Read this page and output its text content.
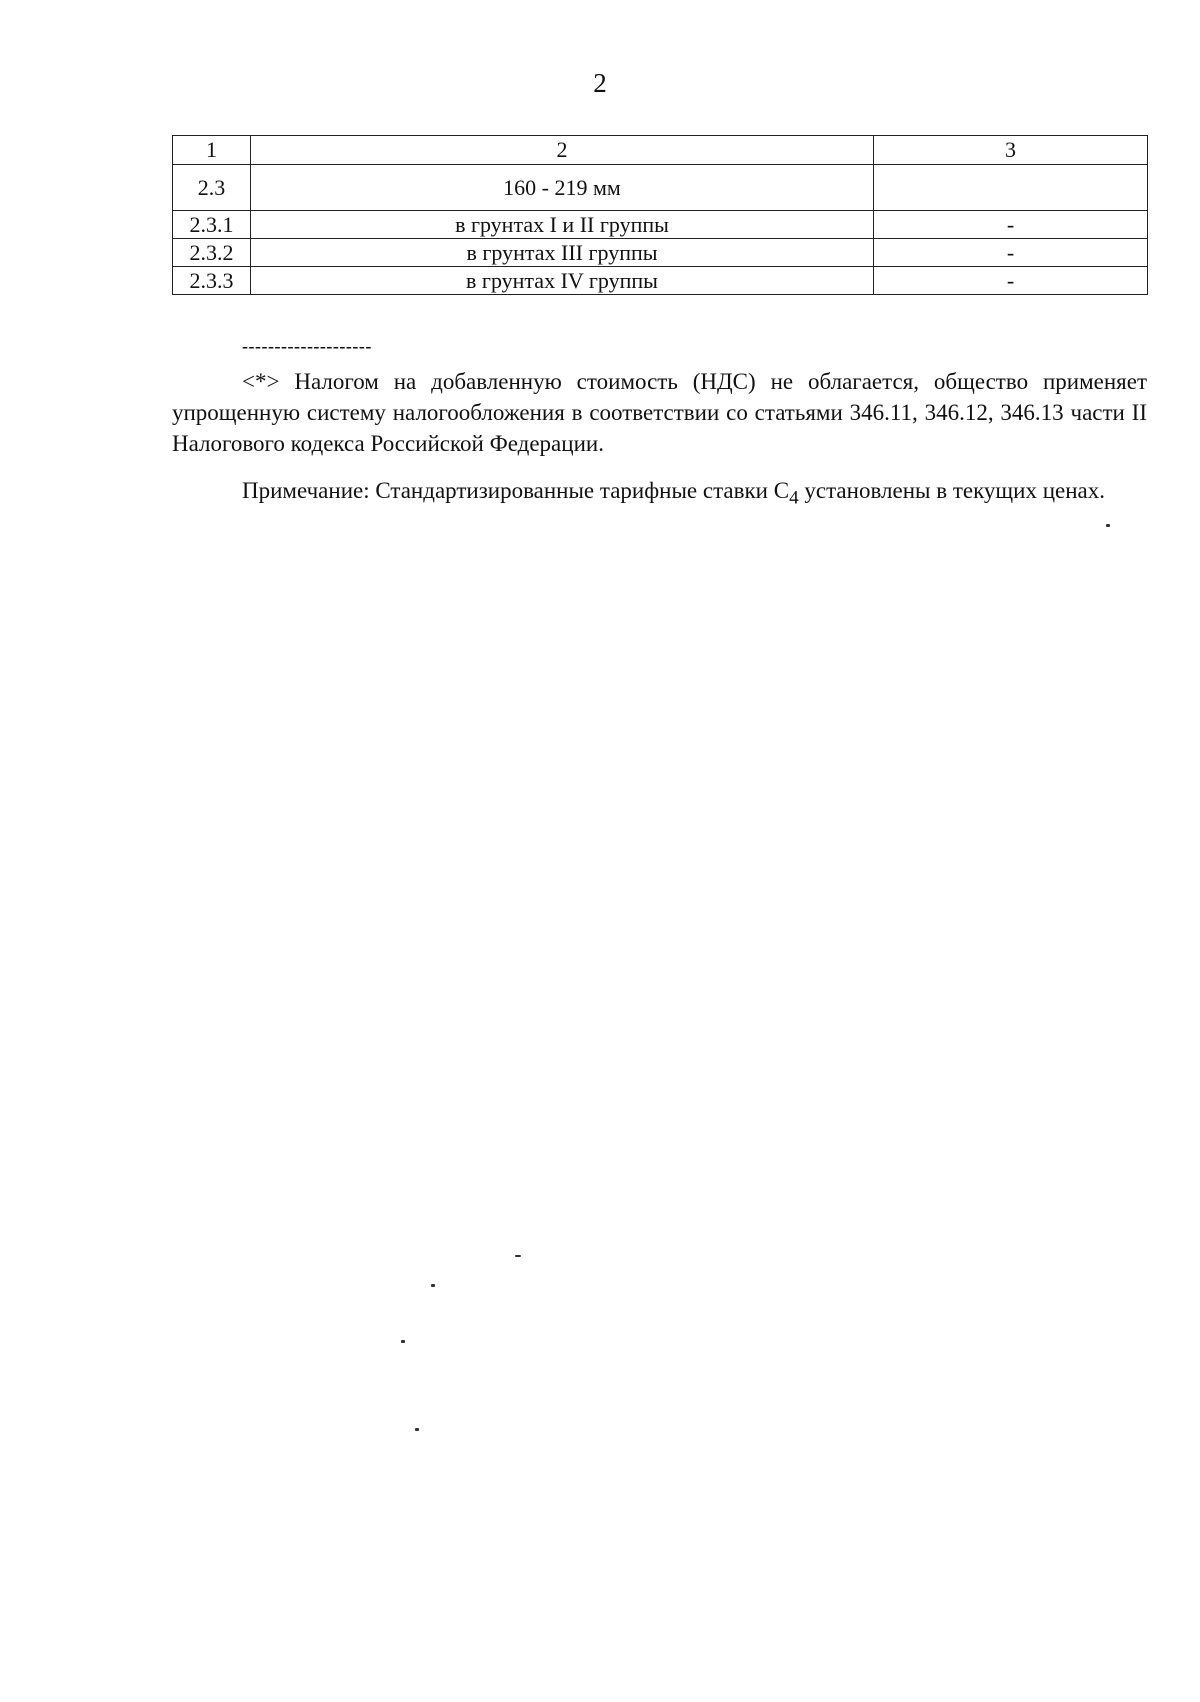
2
1	2	3
2.3	160 - 219 мм	
2.3.1	в грунтах I и II группы	-
2.3.2	в грунтах III группы	-
2.3.3	в грунтах IV группы	-
--------------------

<*> Налогом на добавленную стоимость (НДС) не облагается, общество применяет упрощенную систему налогообложения в соответствии со статьями 346.11, 346.12, 346.13 части II Налогового кодекса Российской Федерации.

Примечание: Стандартизированные тарифные ставки $С_4$ установлены в текущих ценах.
